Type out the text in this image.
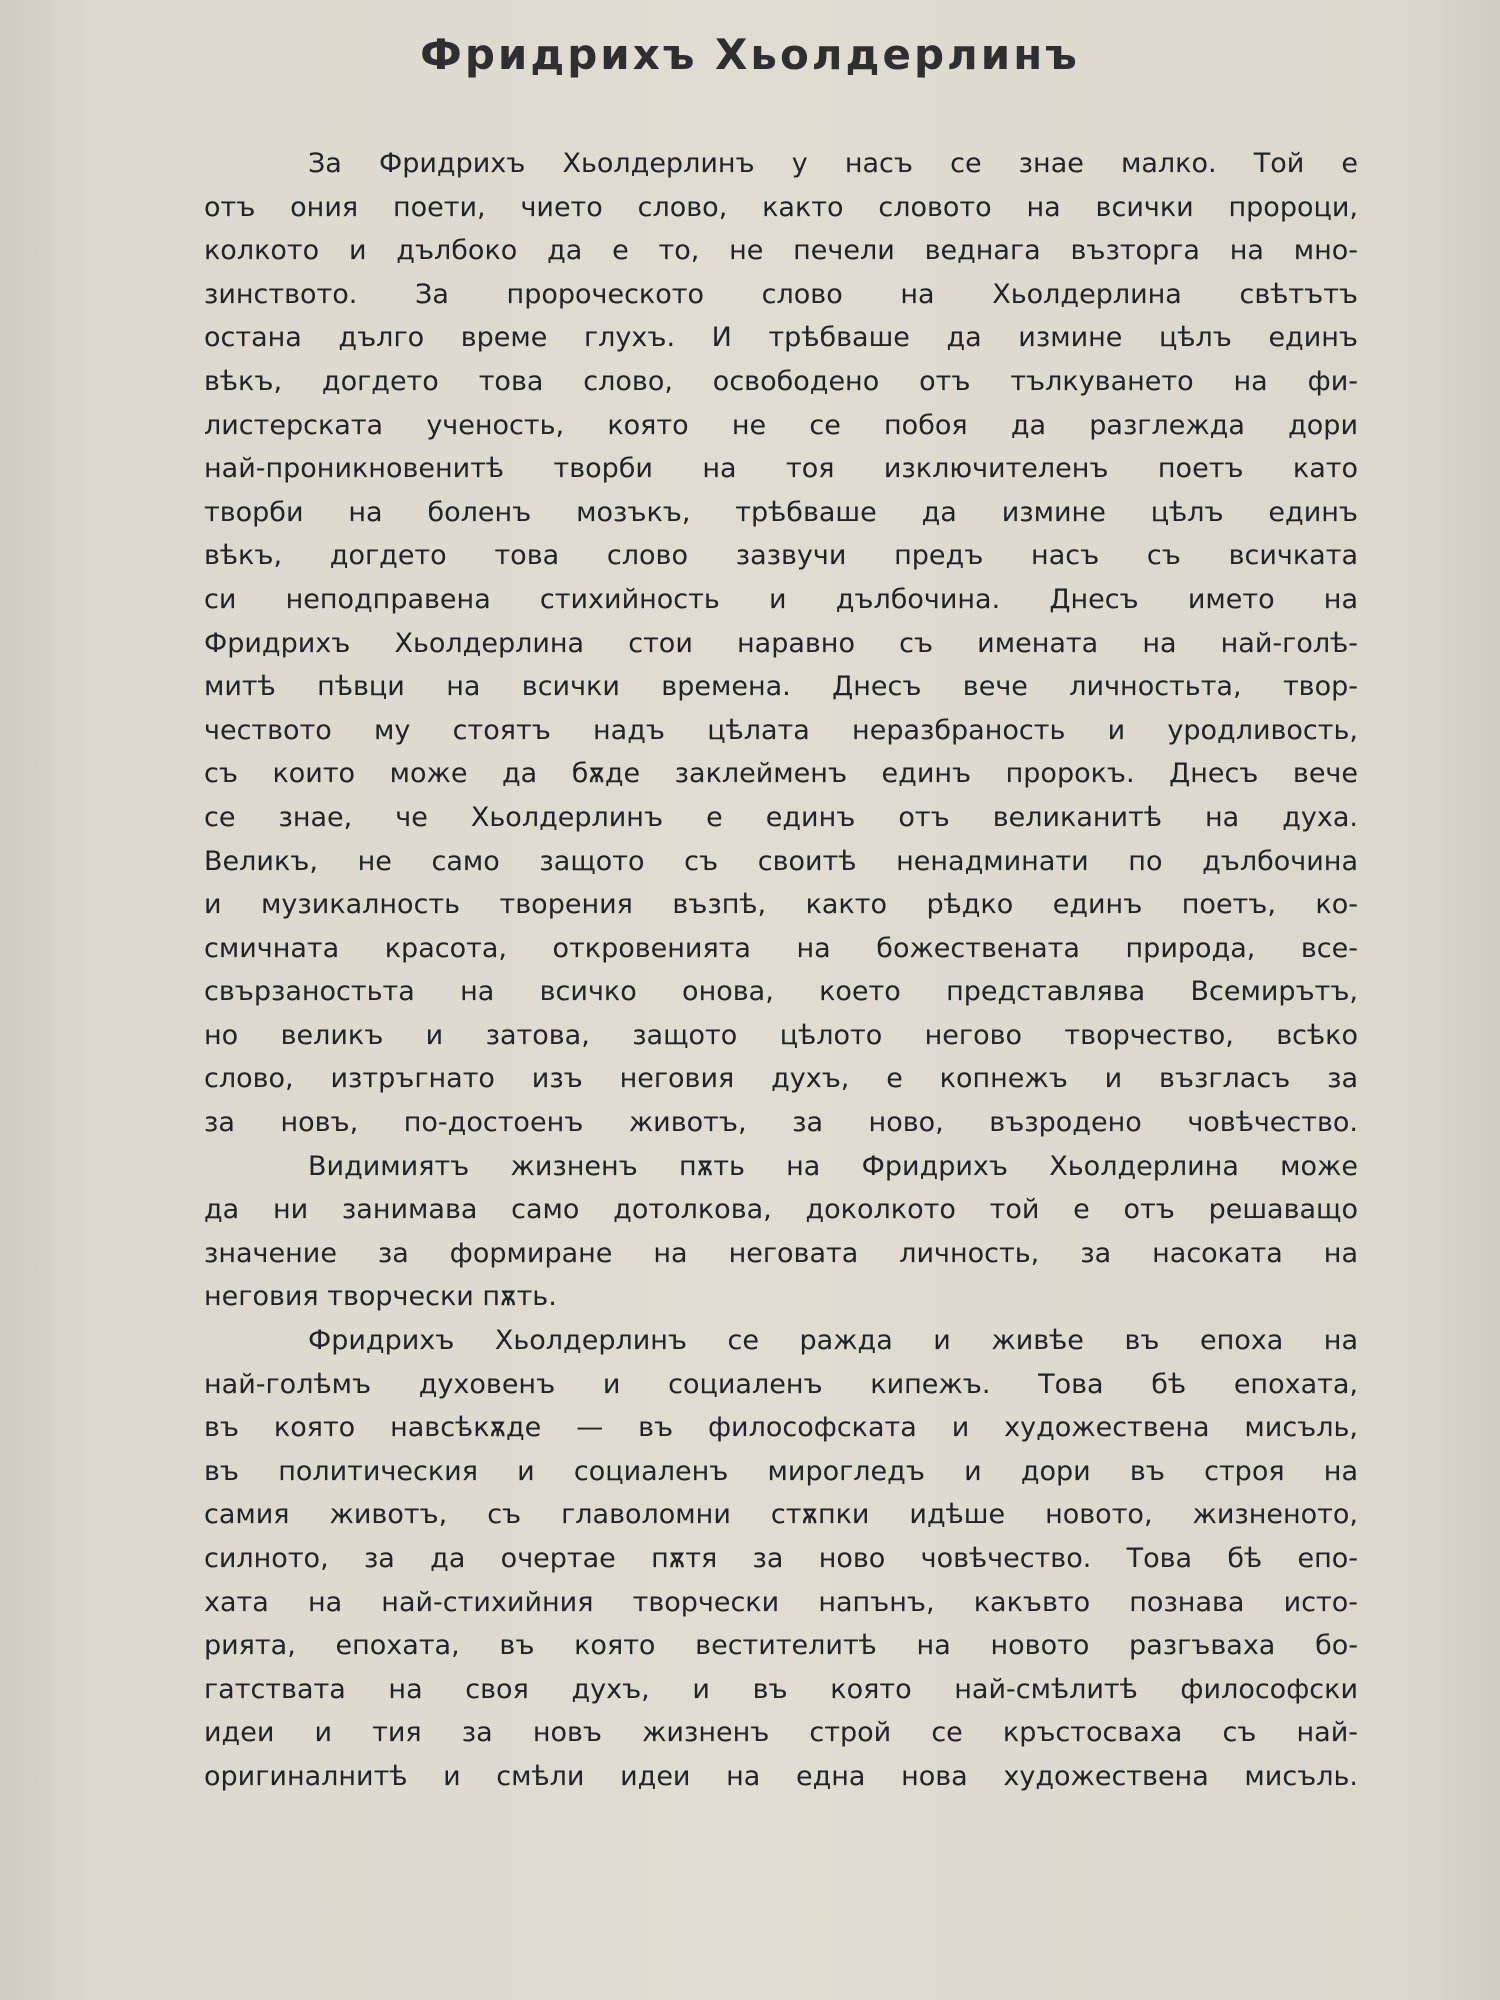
Фридрихъ Хьолдерлинъ
За Фридрихъ Хьолдерлинъ у насъ се знае малко. Той е
отъ ония поети, чието слово, както словото на всички пророци,
колкото и дълбоко да е то, не печели веднага възторга на мно-
зинството. За пророческото слово на Хьолдерлина свѣтътъ
остана дълго време глухъ. И трѣбваше да измине цѣлъ единъ
вѣкъ, догдето това слово, освободено отъ тълкуването на фи-
листерската ученость, която не се побоя да разглежда дори
най-проникновенитѣ творби на тоя изключителенъ поетъ като
творби на боленъ мозъкъ, трѣбваше да измине цѣлъ единъ
вѣкъ, догдето това слово зазвучи предъ насъ съ всичката
си неподправена стихийность и дълбочина. Днесъ името на
Фридрихъ Хьолдерлина стои наравно съ имената на най-голѣ-
митѣ пѣвци на всички времена. Днесъ вече личностьта, твор-
чеството му стоятъ надъ цѣлата неразбраность и уродливость,
съ които може да бѫде заклейменъ единъ пророкъ. Днесъ вече
се знае, че Хьолдерлинъ е единъ отъ великанитѣ на духа.
Великъ, не само защото съ своитѣ ненадминати по дълбочина
и музикалность творения възпѣ, както рѣдко единъ поетъ, ко-
смичната красота, откровенията на божествената природа, все-
свързаностьта на всичко онова, което представлява Всемирътъ,
но великъ и затова, защото цѣлото негово творчество, всѣко
слово, изтръгнато изъ неговия духъ, е копнежъ и възгласъ за
за новъ, по-достоенъ животъ, за ново, възродено човѣчество.
Видимиятъ жизненъ пѫть на Фридрихъ Хьолдерлина може
да ни занимава само дотолкова, доколкото той е отъ решаващо
значение за формиране на неговата личность, за насоката на
неговия творчески пѫть.
Фридрихъ Хьолдерлинъ се ражда и живѣе въ епоха на
най-голѣмъ духовенъ и социаленъ кипежъ. Това бѣ епохата,
въ която навсѣкѫде — въ философската и художествена мисъль,
въ политическия и социаленъ мирогледъ и дори въ строя на
самия животъ, съ главоломни стѫпки идѣше новото, жизненото,
силното, за да очертае пѫтя за ново човѣчество. Това бѣ епо-
хата на най-стихийния творчески напънъ, какъвто познава исто-
рията, епохата, въ която вестителитѣ на новото разгъваха бо-
гатствата на своя духъ, и въ която най-смѣлитѣ философски
идеи и тия за новъ жизненъ строй се кръстосваха съ най-
оригиналнитѣ и смѣли идеи на една нова художествена мисъль.
